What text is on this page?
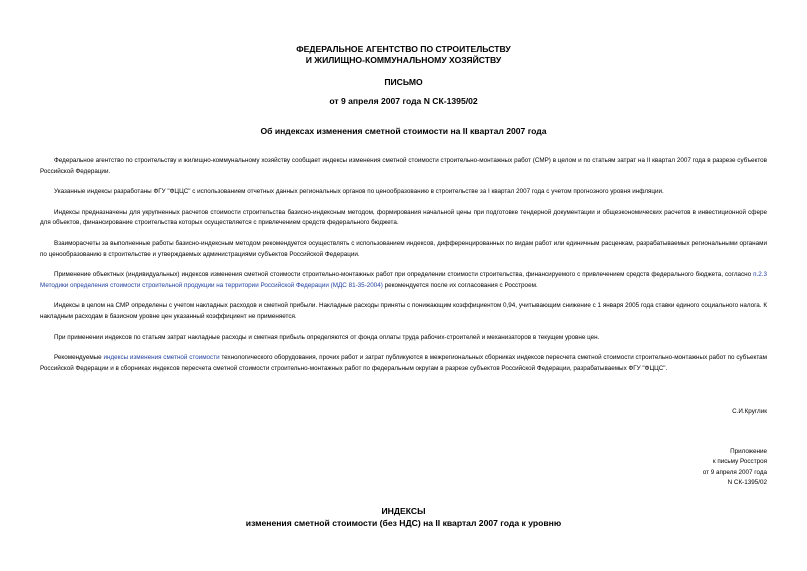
ФЕДЕРАЛЬНОЕ АГЕНТСТВО ПО СТРОИТЕЛЬСТВУ
И ЖИЛИЩНО-КОММУНАЛЬНОМУ ХОЗЯЙСТВУ
ПИСЬМО
от 9 апреля 2007 года N СК-1395/02
Об индексах изменения сметной стоимости на II квартал 2007 года

Федеральное агентство по строительству и жилищно-коммунальному хозяйству сообщает индексы изменения сметной стоимости строительно-монтажных работ (СМР) в целом и по статьям затрат на II квартал 2007 года в разрезе субъектов Российской Федерации.

Указанные индексы разработаны ФГУ "ФЦЦС" с использованием отчетных данных региональных органов по ценообразованию в строительстве за I квартал 2007 года с учетом прогнозного уровня инфляции.

Индексы предназначены для укрупненных расчетов стоимости строительства базисно-индексным методом, формирования начальной цены при подготовке тендерной документации и общеэкономических расчетов в инвестиционной сфере для объектов, финансирование строительства которых осуществляется с привлечением средств федерального бюджета.

Взаиморасчеты за выполненные работы базисно-индексным методом рекомендуется осуществлять с использованием индексов, дифференцированных по видам работ или единичным расценкам, разрабатываемых региональными органами по ценообразованию в строительстве и утверждаемых администрациями субъектов Российской Федерации.

Применение объектных (индивидуальных) индексов изменения сметной стоимости строительно-монтажных работ при определении стоимости строительства, финансируемого с привлечением средств федерального бюджета, согласно п.2.3 Методики определения стоимости строительной продукции на территории Российской Федерации (МДС 81-35-2004) рекомендуется после их согласования с Росстроем.

Индексы в целом на СМР определены с учетом накладных расходов и сметной прибыли. Накладные расходы приняты с понижающим коэффициентом 0,94, учитывающим снижение с 1 января 2005 года ставки единого социального налога. К накладным расходам в базисном уровне цен указанный коэффициент не применяется.

При применении индексов по статьям затрат накладные расходы и сметная прибыль определяются от фонда оплаты труда рабочих-строителей и механизаторов в текущем уровне цен.

Рекомендуемые индексы изменения сметной стоимости технологического оборудования, прочих работ и затрат публикуются в межрегиональных сборниках индексов пересчета сметной стоимости строительно-монтажных работ по субъектам Российской Федерации и в сборниках индексов пересчета сметной стоимости строительно-монтажных работ по федеральным округам в разрезе субъектов Российской Федерации, разрабатываемых ФГУ "ФЦЦС".

С.И.Круглик
Приложение
к письму Росстроя
от 9 апреля 2007 года
N СК-1395/02
ИНДЕКСЫ
изменения сметной стоимости (без НДС) на II квартал 2007 года к уровню
